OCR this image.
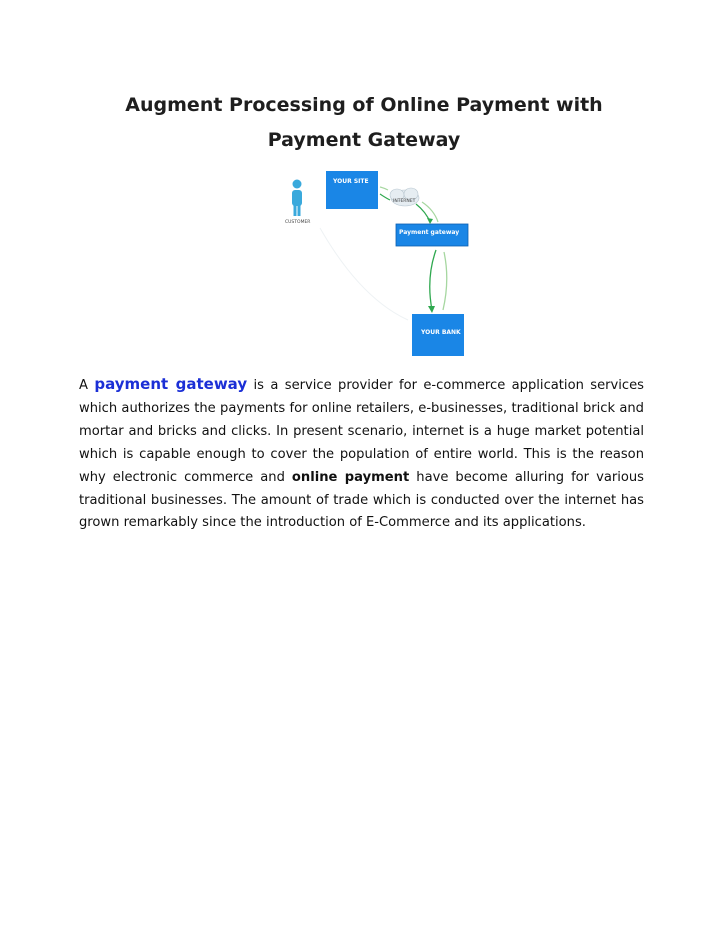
Augment Processing of Online Payment with
Payment Gateway
CUSTOMER
YOUR SITE
INTERNET
Payment gateway
YOUR BANK

A payment gateway is a service provider for e-commerce application services which authorizes the payments for online retailers, e-businesses, traditional brick and mortar and bricks and clicks. In present scenario, internet is a huge market potential which is capable enough to cover the population of entire world. This is the reason why electronic commerce and online payment have become alluring for various traditional businesses. The amount of trade which is conducted over the internet has grown remarkably since the introduction of E-Commerce and its applications.
